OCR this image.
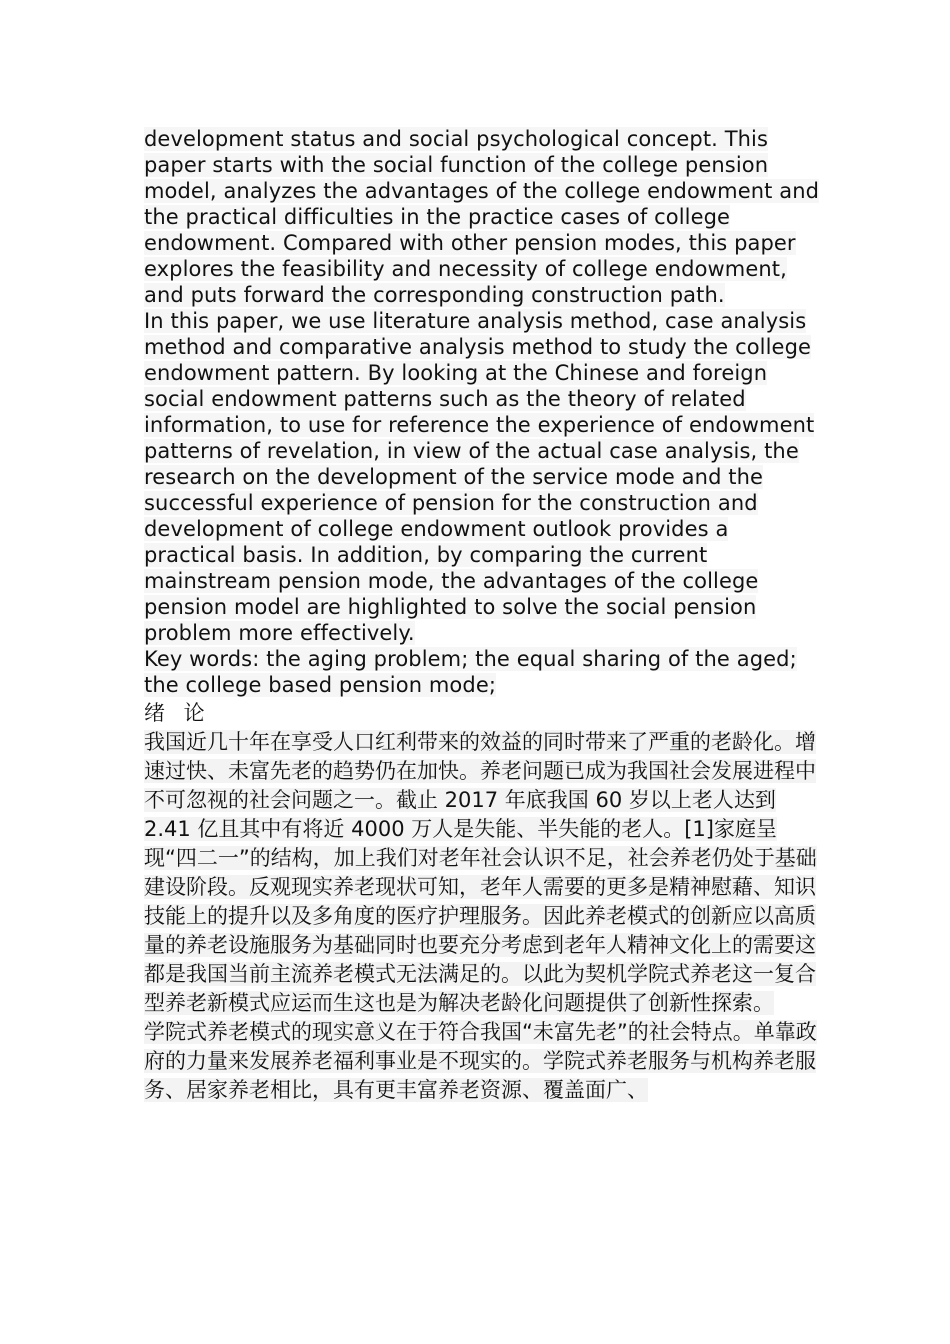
development status and social psychological concept. This paper starts with the social function of the college pension model, analyzes the advantages of the college endowment and the practical difficulties in the practice cases of college endowment. Compared with other pension modes, this paper explores the feasibility and necessity of college endowment, and puts forward the corresponding construction path.

In this paper, we use literature analysis method, case analysis method and comparative analysis method to study the college endowment pattern. By looking at the Chinese and foreign social endowment patterns such as the theory of related information, to use for reference the experience of endowment patterns of revelation, in view of the actual case analysis, the research on the development of the service mode and the successful experience of pension for the construction and development of college endowment outlook provides a practical basis. In addition, by comparing the current mainstream pension mode, the advantages of the college pension model are highlighted to solve the social pension problem more effectively.

Key words: the aging problem; the equal sharing of the aged; the college based pension mode;

绪 论

我国近几十年在享受人口红利带来的效益的同时带来了严重的老龄化。增速过快、未富先老的趋势仍在加快。养老问题已成为我国社会发展进程中不可忽视的社会问题之一。截止 2017 年底我国 60 岁以上老人达到 2.41 亿且其中有将近 4000 万人是失能、半失能的老人。[1]家庭呈现“四二一”的结构，加上我们对老年社会认识不足，社会养老仍处于基础建设阶段。反观现实养老现状可知，老年人需要的更多是精神慰藉、知识技能上的提升以及多角度的医疗护理服务。因此养老模式的创新应以高质量的养老设施服务为基础同时也要充分考虑到老年人精神文化上的需要这都是我国当前主流养老模式无法满足的。以此为契机学院式养老这一复合型养老新模式应运而生这也是为解决老龄化问题提供了创新性探索。

学院式养老模式的现实意义在于符合我国“未富先老”的社会特点。单靠政府的力量来发展养老福利事业是不现实的。学院式养老服务与机构养老服务、居家养老相比，具有更丰富养老资源、覆盖面广、
